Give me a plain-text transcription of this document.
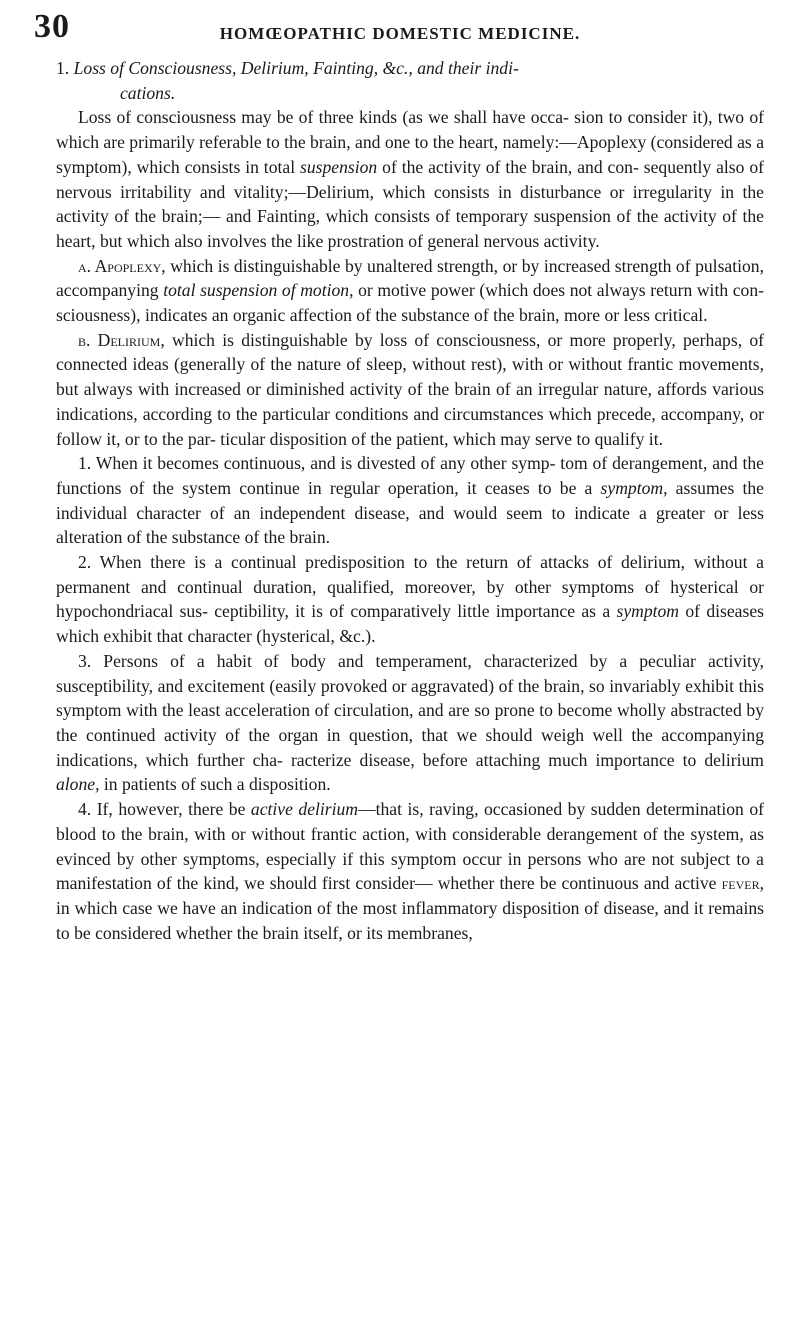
30	HOMŒOPATHIC DOMESTIC MEDICINE.

1. Loss of Consciousness, Delirium, Fainting, &c., and their indi-
cations.

Loss of consciousness may be of three kinds (as we shall have occa- sion to consider it), two of which are primarily referable to the brain, and one to the heart, namely:—Apoplexy (considered as a symptom), which consists in total suspension of the activity of the brain, and con- sequently also of nervous irritability and vitality;—Delirium, which consists in disturbance or irregularity in the activity of the brain;— and Fainting, which consists of temporary suspension of the activity of the heart, but which also involves the like prostration of general nervous activity.

a. Apoplexy, which is distinguishable by unaltered strength, or by increased strength of pulsation, accompanying total suspension of motion, or motive power (which does not always return with con- sciousness), indicates an organic affection of the substance of the brain, more or less critical.

b. Delirium, which is distinguishable by loss of consciousness, or more properly, perhaps, of connected ideas (generally of the nature of sleep, without rest), with or without frantic movements, but always with increased or diminished activity of the brain of an irregular nature, affords various indications, according to the particular conditions and circumstances which precede, accompany, or follow it, or to the par- ticular disposition of the patient, which may serve to qualify it.

1. When it becomes continuous, and is divested of any other symp- tom of derangement, and the functions of the system continue in regular operation, it ceases to be a symptom, assumes the individual character of an independent disease, and would seem to indicate a greater or less alteration of the substance of the brain.

2. When there is a continual predisposition to the return of attacks of delirium, without a permanent and continual duration, qualified, moreover, by other symptoms of hysterical or hypochondriacal sus- ceptibility, it is of comparatively little importance as a symptom of diseases which exhibit that character (hysterical, &c.).

3. Persons of a habit of body and temperament, characterized by a peculiar activity, susceptibility, and excitement (easily provoked or aggravated) of the brain, so invariably exhibit this symptom with the least acceleration of circulation, and are so prone to become wholly abstracted by the continued activity of the organ in question, that we should weigh well the accompanying indications, which further cha- racterize disease, before attaching much importance to delirium alone, in patients of such a disposition.

4. If, however, there be active delirium—that is, raving, occasioned by sudden determination of blood to the brain, with or without frantic action, with considerable derangement of the system, as evinced by other symptoms, especially if this symptom occur in persons who are not subject to a manifestation of the kind, we should first consider— whether there be continuous and active fever, in which case we have an indication of the most inflammatory disposition of disease, and it remains to be considered whether the brain itself, or its membranes,
